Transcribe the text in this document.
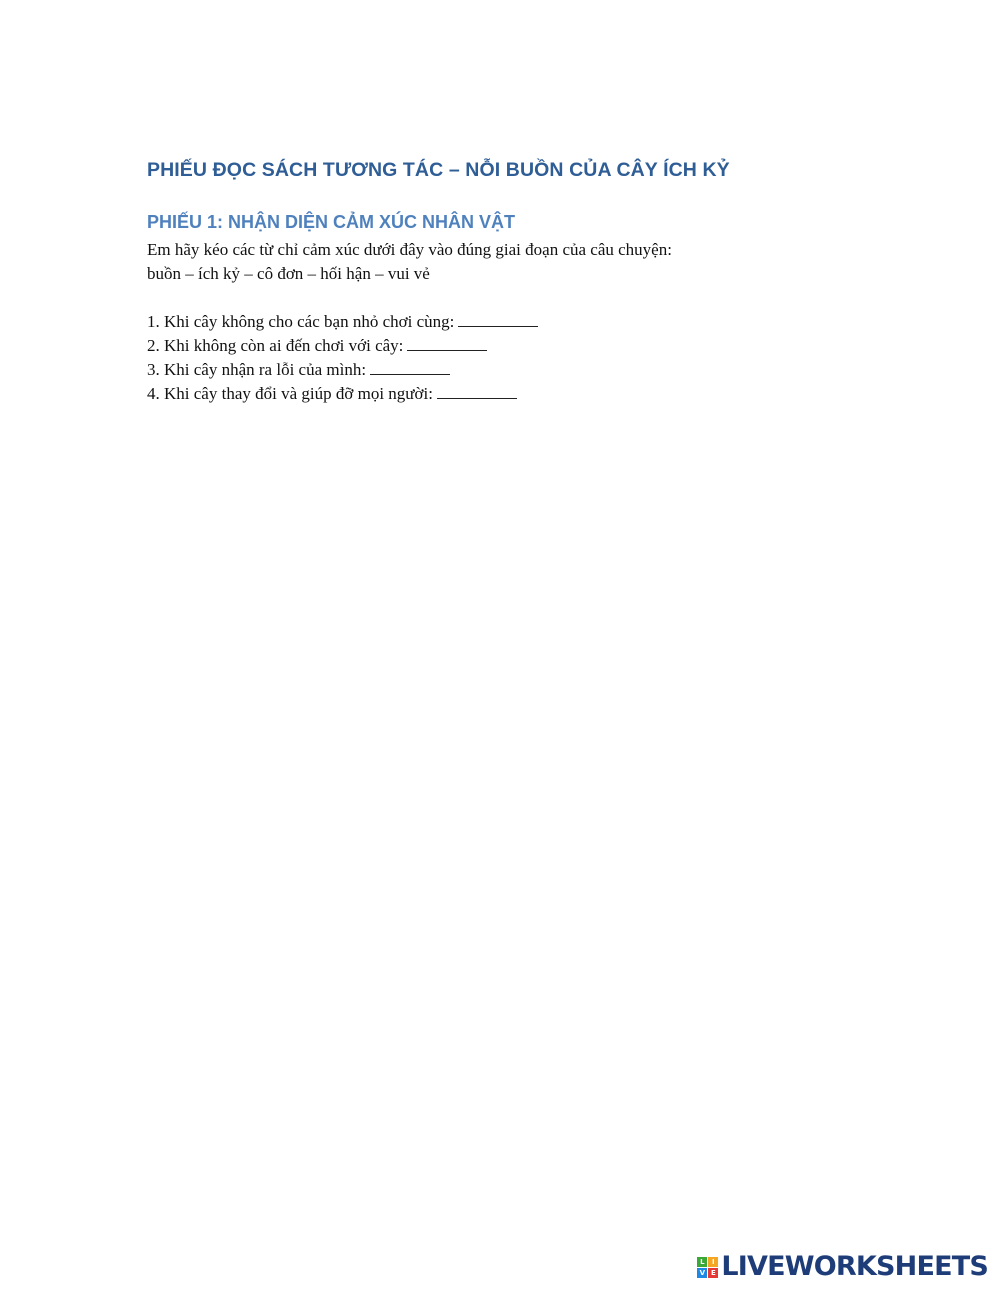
PHIẾU ĐỌC SÁCH TƯƠNG TÁC – NỖI BUỒN CỦA CÂY ÍCH KỶ
PHIẾU 1: NHẬN DIỆN CẢM XÚC NHÂN VẬT

Em hãy kéo các từ chỉ cảm xúc dưới đây vào đúng giai đoạn của câu chuyện:

buồn – ích kỷ – cô đơn – hối hận – vui vẻ

1. Khi cây không cho các bạn nhỏ chơi cùng:
2. Khi không còn ai đến chơi với cây:
3. Khi cây nhận ra lỗi của mình:
4. Khi cây thay đổi và giúp đỡ mọi người:
L	I
V E LIVEWORKSHEETS
